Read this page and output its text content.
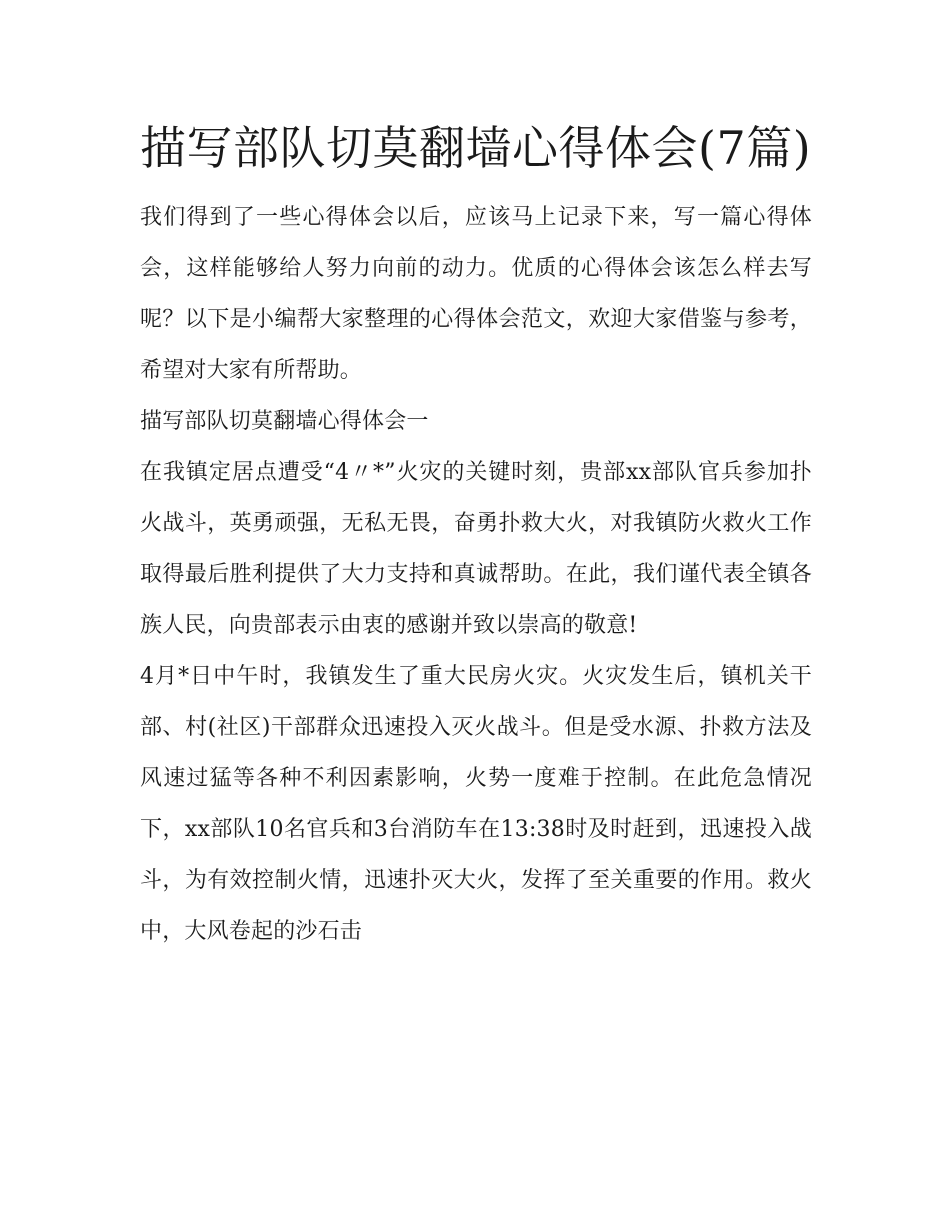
描写部队切莫翻墙心得体会(7篇)

我们得到了一些心得体会以后，应该马上记录下来，写一篇心得体会，这样能够给人努力向前的动力。优质的心得体会该怎么样去写呢？以下是小编帮大家整理的心得体会范文，欢迎大家借鉴与参考，希望对大家有所帮助。

描写部队切莫翻墙心得体会一

在我镇定居点遭受“4〃*”火灾的关键时刻，贵部xx部队官兵参加扑火战斗，英勇顽强，无私无畏，奋勇扑救大火，对我镇防火救火工作取得最后胜利提供了大力支持和真诚帮助。在此，我们谨代表全镇各族人民，向贵部表示由衷的感谢并致以崇高的敬意!

4月*日中午时，我镇发生了重大民房火灾。火灾发生后，镇机关干部、村(社区)干部群众迅速投入灭火战斗。但是受水源、扑救方法及风速过猛等各种不利因素影响，火势一度难于控制。在此危急情况下，xx部队10名官兵和3台消防车在13:38时及时赶到，迅速投入战斗，为有效控制火情，迅速扑灭大火，发挥了至关重要的作用。救火中，大风卷起的沙石击
